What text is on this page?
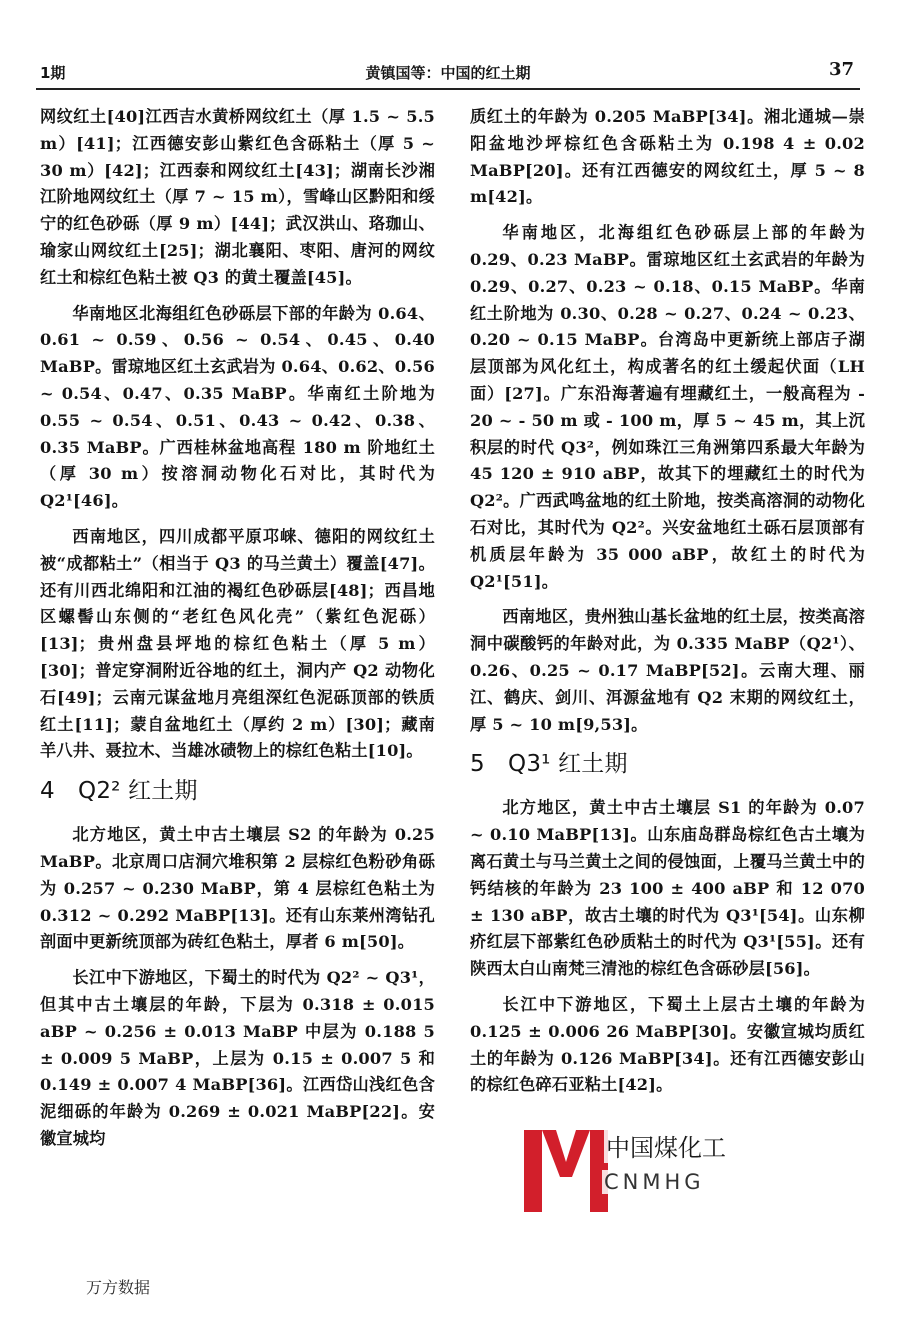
1期	黄镇国等：中国的红土期	37

网纹红土[40]江西吉水黄桥网纹红土（厚 1.5 ~ 5.5 m）[41]；江西德安彭山紫红色含砾粘土（厚 5 ~ 30 m）[42]；江西泰和网纹红土[43]；湖南长沙湘江阶地网纹红土（厚 7 ~ 15 m），雪峰山区黔阳和绥宁的红色砂砾（厚 9 m）[44]；武汉洪山、珞珈山、瑜家山网纹红土[25]；湖北襄阳、枣阳、唐河的网纹红土和棕红色粘土被 Q3 的黄土覆盖[45]。

华南地区北海组红色砂砾层下部的年龄为 0.64、0.61 ~ 0.59、0.56 ~ 0.54、0.45、0.40 MaBP。雷琼地区红土玄武岩为 0.64、0.62、0.56 ~ 0.54、0.47、0.35 MaBP。华南红土阶地为 0.55 ~ 0.54、0.51、0.43 ~ 0.42、0.38、0.35 MaBP。广西桂林盆地高程 180 m 阶地红土（厚 30 m）按溶洞动物化石对比，其时代为 Q2¹[46]。

西南地区，四川成都平原邛崃、德阳的网纹红土被“成都粘土”（相当于 Q3 的马兰黄土）覆盖[47]。还有川西北绵阳和江油的褐红色砂砾层[48]；西昌地区螺髻山东侧的“老红色风化壳”（紫红色泥砾）[13]；贵州盘县坪地的棕红色粘土（厚 5 m）[30]；普定穿洞附近谷地的红土，洞内产 Q2 动物化石[49]；云南元谋盆地月亮组深红色泥砾顶部的铁质红土[11]；蒙自盆地红土（厚约 2 m）[30]；藏南羊八井、聂拉木、当雄冰碛物上的棕红色粘土[10]。

4　Q2² 红土期

北方地区，黄土中古土壤层 S2 的年龄为 0.25 MaBP。北京周口店洞穴堆积第 2 层棕红色粉砂角砾为 0.257 ~ 0.230 MaBP，第 4 层棕红色粘土为 0.312 ~ 0.292 MaBP[13]。还有山东莱州湾钻孔剖面中更新统顶部为砖红色粘土，厚者 6 m[50]。

长江中下游地区，下蜀土的时代为 Q2² ~ Q3¹，但其中古土壤层的年龄，下层为 0.318 ± 0.015 aBP ~ 0.256 ± 0.013 MaBP 中层为 0.188 5 ± 0.009 5 MaBP，上层为 0.15 ± 0.007 5 和 0.149 ± 0.007 4 MaBP[36]。江西岱山浅红色含泥细砾的年龄为 0.269 ± 0.021 MaBP[22]。安徽宣城均

质红土的年龄为 0.205 MaBP[34]。湘北通城—崇阳盆地沙坪棕红色含砾粘土为 0.198 4 ± 0.02 MaBP[20]。还有江西德安的网纹红土，厚 5 ~ 8 m[42]。

华南地区，北海组红色砂砾层上部的年龄为 0.29、0.23 MaBP。雷琼地区红土玄武岩的年龄为 0.29、0.27、0.23 ~ 0.18、0.15 MaBP。华南红土阶地为 0.30、0.28 ~ 0.27、0.24 ~ 0.23、0.20 ~ 0.15 MaBP。台湾岛中更新统上部店子湖层顶部为风化红土，构成著名的红土缓起伏面（LH 面）[27]。广东沿海著遍有埋藏红土，一般高程为 - 20 ~ - 50 m 或 - 100 m，厚 5 ~ 45 m，其上沉积层的时代 Q3²，例如珠江三角洲第四系最大年龄为 45 120 ± 910 aBP，故其下的埋藏红土的时代为 Q2²。广西武鸣盆地的红土阶地，按类高溶洞的动物化石对比，其时代为 Q2²。兴安盆地红土砾石层顶部有机质层年龄为 35 000 aBP，故红土的时代为 Q2¹[51]。

西南地区，贵州独山基长盆地的红土层，按类高溶洞中碳酸钙的年龄对此，为 0.335 MaBP（Q2¹）、0.26、0.25 ~ 0.17 MaBP[52]。云南大理、丽江、鹤庆、剑川、洱源盆地有 Q2 末期的网纹红土，厚 5 ~ 10 m[9,53]。

5　Q3¹ 红土期

北方地区，黄土中古土壤层 S1 的年龄为 0.07 ~ 0.10 MaBP[13]。山东庙岛群岛棕红色古土壤为离石黄土与马兰黄土之间的侵蚀面，上覆马兰黄土中的钙结核的年龄为 23 100 ± 400 aBP 和 12 070 ± 130 aBP，故古土壤的时代为 Q3¹[54]。山东柳疥红层下部紫红色砂质粘土的时代为 Q3¹[55]。还有陕西太白山南梵三清池的棕红色含砾砂层[56]。

长江中下游地区，下蜀土上层古土壤的年龄为 0.125 ± 0.006 26 MaBP[30]。安徽宣城均质红土的年龄为 0.126 MaBP[34]。还有江西德安彭山的棕红色碎石亚粘土[42]。

万方数据
中国煤化工
CNMHG
